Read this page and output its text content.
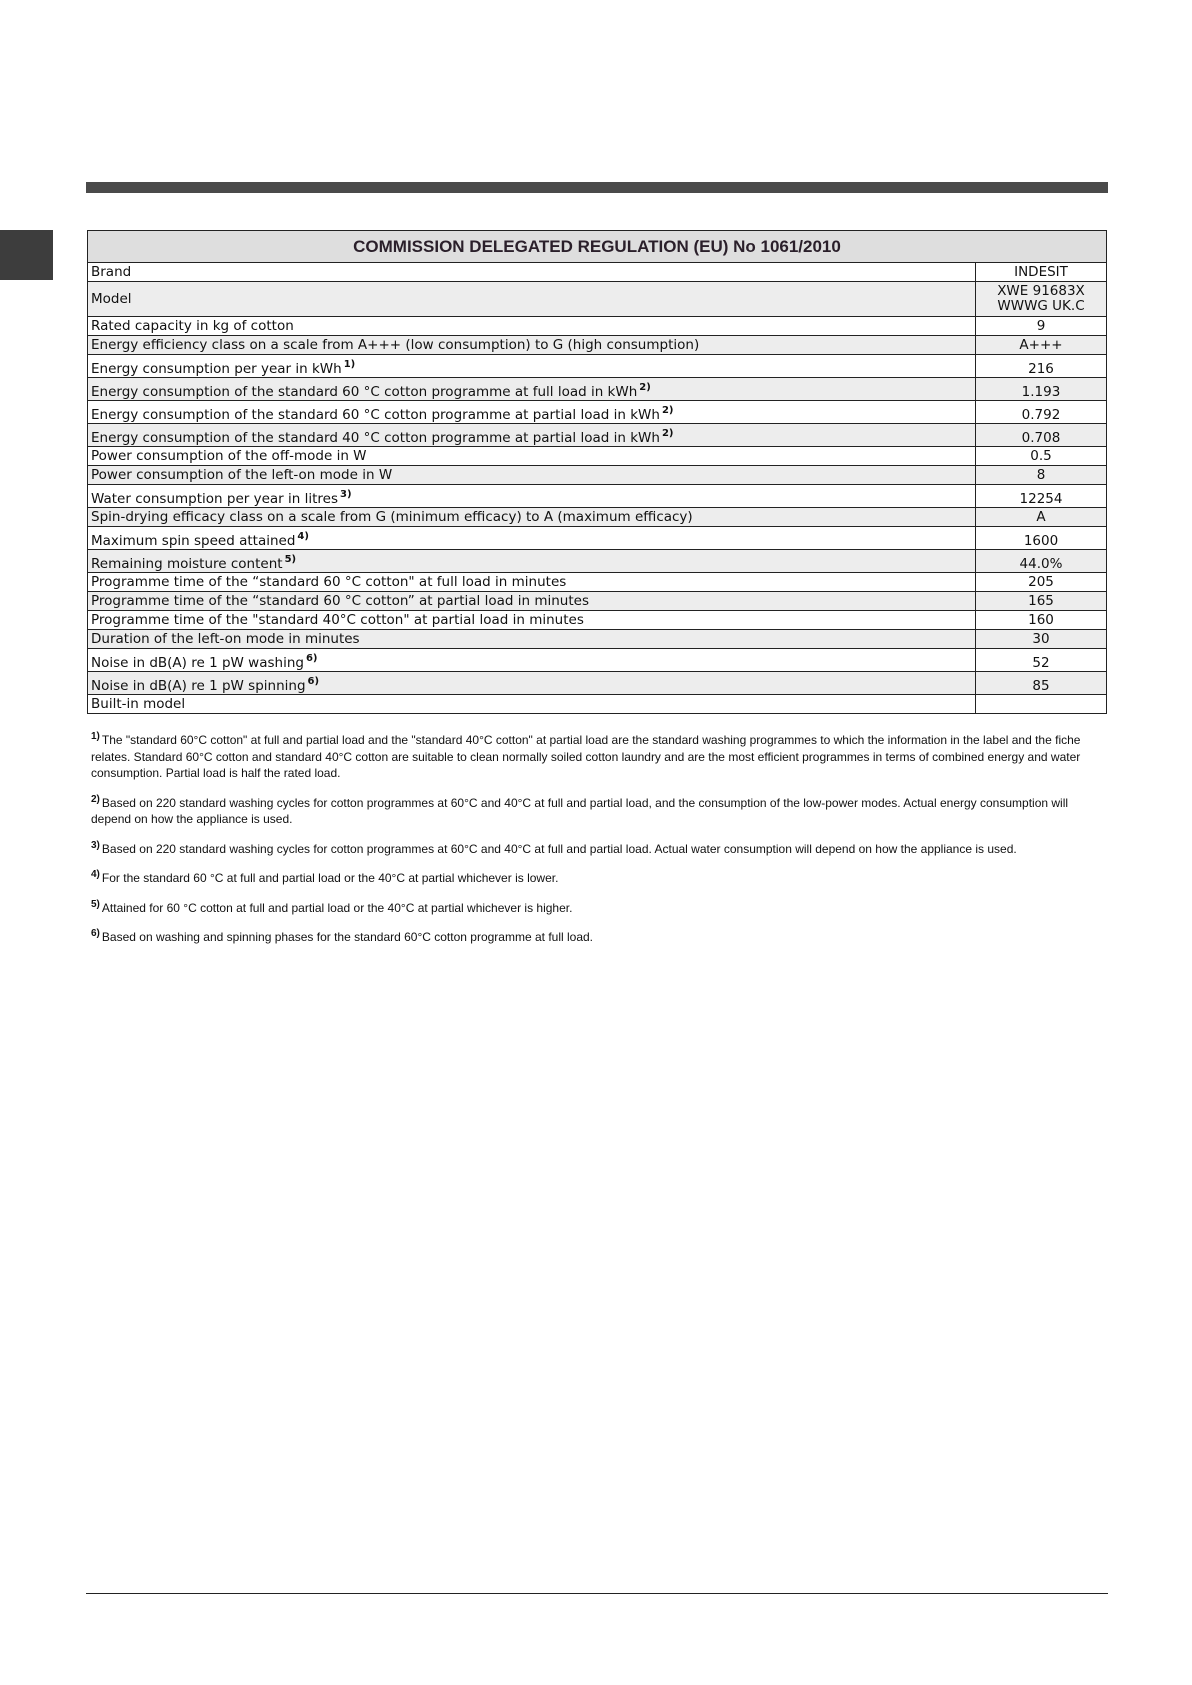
COMMISSION DELEGATED REGULATION (EU) No 1061/2010	
Brand	INDESIT

Model	XWE 91683X
WWWG UK.C

Rated capacity in kg of cotton	9

Energy efficiency class on a scale from A+++ (low consumption) to G (high consumption)	A+++

Energy consumption per year in kWh $^{1)}$	216

Energy consumption of the standard 60 °C cotton programme at full load in kWh $^{2)}$	1.193

Energy consumption of the standard 60 °C cotton programme at partial load in kWh $^{2)}$	0.792

Energy consumption of the standard 40 °C cotton programme at partial load in kWh $^{2)}$	0.708

Power consumption of the off-mode in W	0.5

Power consumption of the left-on mode in W	8

Water consumption per year in litres $^{3)}$	12254

Spin-drying efficacy class on a scale from G (minimum efficacy) to A (maximum efficacy)	A

Maximum spin speed attained $^{4)}$	1600

Remaining moisture content $^{5)}$	44.0%

Programme time of the “standard 60 °C cotton" at full load in minutes	205

Programme time of the “standard 60 °C cotton” at partial load in minutes	165

Programme time of the "standard 40°C cotton" at partial load in minutes	160

Duration of the left-on mode in minutes	30

Noise in dB(A) re 1 pW washing $^{6)}$	52

Noise in dB(A) re 1 pW spinning $^{6)}$	85

Built-in model	
$^{1)}$ The "standard 60°C cotton" at full and partial load and the "standard 40°C cotton" at partial load are the standard washing programmes to which the information in the label and the fiche relates. Standard 60°C cotton and standard 40°C cotton are suitable to clean normally soiled cotton laundry and are the most efficient programmes in terms of combined energy and water consumption. Partial load is half the rated load.
$^{2)}$ Based on 220 standard washing cycles for cotton programmes at 60°C and 40°C at full and partial load, and the consumption of the low-power modes. Actual energy consumption will depend on how the appliance is used.
$^{3)}$ Based on 220 standard washing cycles for cotton programmes at 60°C and 40°C at full and partial load. Actual water consumption will depend on how the appliance is used.
$^{4)}$ For the standard 60 °C at full and partial load or the 40°C at partial whichever is lower.
$^{5)}$ Attained for 60 °C cotton at full and partial load or the 40°C at partial whichever is higher.
$^{6)}$ Based on washing and spinning phases for the standard 60°C cotton programme at full load.
